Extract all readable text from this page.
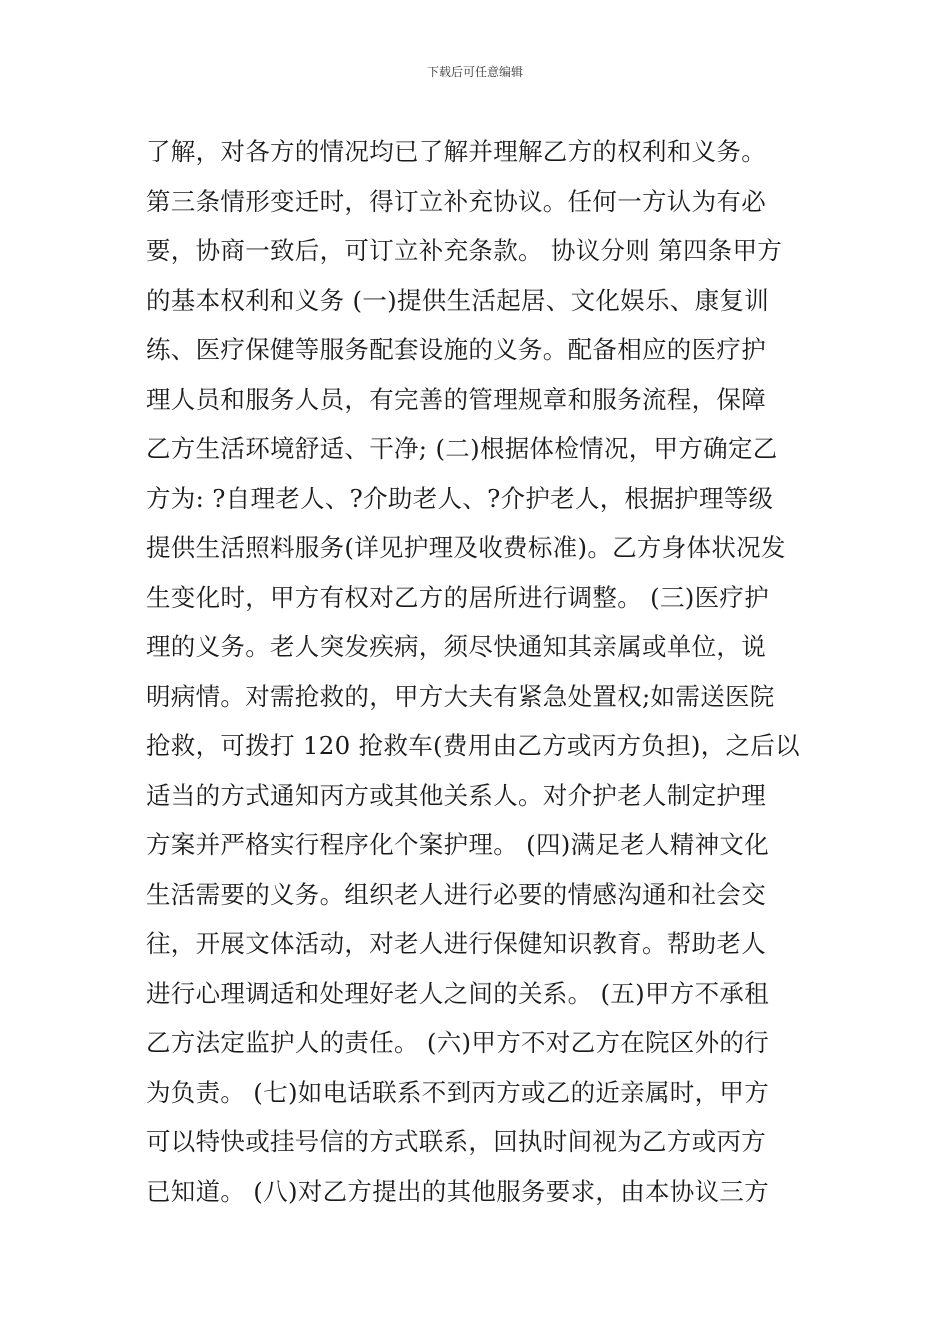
下载后可任意编辑
了解，对各方的情况均已了解并理解乙方的权利和义务。
第三条情形变迁时，得订立补充协议。任何一方认为有必
要，协商一致后，可订立补充条款。 协议分则 第四条甲方
的基本权利和义务 (一)提供生活起居、文化娱乐、康复训
练、医疗保健等服务配套设施的义务。配备相应的医疗护
理人员和服务人员，有完善的管理规章和服务流程，保障
乙方生活环境舒适、干净; (二)根据体检情况，甲方确定乙
方为: ?自理老人、?介助老人、?介护老人，根据护理等级
提供生活照料服务(详见护理及收费标准)。乙方身体状况发
生变化时，甲方有权对乙方的居所进行调整。 (三)医疗护
理的义务。老人突发疾病，须尽快通知其亲属或单位，说
明病情。对需抢救的，甲方大夫有紧急处置权;如需送医院
抢救，可拨打 120 抢救车(费用由乙方或丙方负担)，之后以
适当的方式通知丙方或其他关系人。对介护老人制定护理
方案并严格实行程序化个案护理。 (四)满足老人精神文化
生活需要的义务。组织老人进行必要的情感沟通和社会交
往，开展文体活动，对老人进行保健知识教育。帮助老人
进行心理调适和处理好老人之间的关系。 (五)甲方不承租
乙方法定监护人的责任。 (六)甲方不对乙方在院区外的行
为负责。 (七)如电话联系不到丙方或乙的近亲属时，甲方
可以特快或挂号信的方式联系，回执时间视为乙方或丙方
已知道。 (八)对乙方提出的其他服务要求，由本协议三方
